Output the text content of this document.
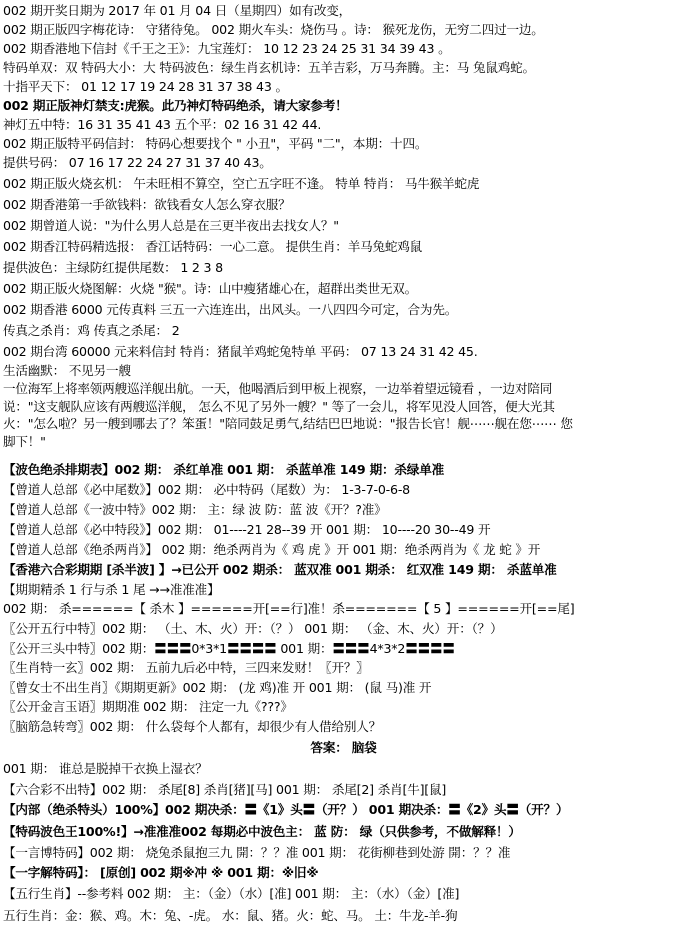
002 期开奖日期为 2017 年 01 月 04 日（星期四）如有改变，
002 期正版四字梅花诗： 守猪待兔。 002 期火车头：烧伤马 。诗： 猴死龙伤，无穷二四过一边。
002 期香港地下信封《千王之王》：九宝莲灯： 10 12 23 24 25 31 34 39 43 。
特码单双：双 特码大小：大 特码波色：绿生肖玄机诗：五羊吉彩，万马奔腾。主：马 兔鼠鸡蛇。
十指平天下： 01 12 17 19 24 28 31 37 38 43 。
002 期正版神灯禁支:虎猴。此乃神灯特码绝杀，请大家参考！
神灯五中特：16 31 35 41 43 五个平：02 16 31 42 44.
002 期正版特平码信封： 特码心想要找个 " 小丑"，平码 "二"，本期：十四。
提供号码： 07 16 17 22 24 27 31 37 40 43。
002 期正版火烧玄机： 午未旺相不算空，空亡五字旺不逢。 特单 特肖： 马牛猴羊蛇虎
002 期香港第一手欲钱料：欲钱看女人怎么穿衣服？
002 期曾道人说："为什么男人总是在三更半夜出去找女人？"
002 期香江特码精选报： 香江话特码：一心二意。 提供生肖：羊马兔蛇鸡鼠
提供波色：主绿防红提供尾数： 1 2 3 8
002 期正版火烧图解：火烧 "猴"。诗：山中瘦猪雄心在，超群出类世无双。
002 期香港 6000 元传真料 三五一六连连出，出风头。一八四四今可定，合为先。
传真之杀肖：鸡 传真之杀尾： 2
002 期台湾 60000 元来料信封 特肖：猪鼠羊鸡蛇兔特单 平码： 07 13 24 31 42 45.
生活幽默： 不见另一艘
一位海军上将率领两艘巡洋舰出航。一天，他喝酒后到甲板上视察，一边举着望远镜看 ，一边对陪同
说："这支舰队应该有两艘巡洋舰， 怎么不见了另外一艘？" 等了一会儿，将军见没人回答，便大光其
火："怎么啦？另一艘到哪去了？笨蛋！"陪同鼓足勇气,结结巴巴地说："报告长官！舰⋯⋯舰在您⋯⋯ 您
脚下！"
【波色绝杀排期表】002 期： 杀红单准 001 期： 杀蓝单准 149 期：杀绿单准
【曾道人总部《必中尾数》】002 期： 必中特码（尾数）为： 1-3-7-0-6-8
【曾道人总部《一波中特》002 期： 主：绿 波 防：蓝 波《开？?准》
【曾道人总部《必中特段》】002 期： 01----21 28--39 开 001 期： 10----20 30--49 开
【曾道人总部《绝杀两肖》】 002 期：绝杀两肖为《 鸡 虎 》开 001 期：绝杀两肖为《 龙 蛇 》开
【香港六合彩期期 [杀半波] 】→已公开 002 期杀： 蓝双准 001 期杀： 红双准 149 期： 杀蓝单准
【期期精杀 1 行与杀 1 尾 →→准准准】
002 期： 杀======【 杀木 】======开[==行]准！杀=======【 5 】======开[==尾]
〖公开五行中特〗002 期： （土、木、火）开：（？） 001 期： （金、木、火）开：（？）
〖公开三头中特〗002 期：〓〓〓0*3*1〓〓〓〓 001 期：〓〓〓4*3*2〓〓〓〓
〖生肖特一玄〗002 期： 五前九后必中特，三四来发财！〖开？〗
〖曾女士不出生肖〗《期期更新》002 期： (龙 鸡)准 开 001 期： (鼠 马)准 开
〖公开金言玉语〗期期准 002 期： 注定一九《???》
〖脑筋急转弯〗002 期： 什么袋每个人都有，却很少有人借给别人？
答案： 脑袋
001 期： 谁总是脱掉干衣换上湿衣？
【六合彩不出特】002 期： 杀尾[8] 杀肖[猪][马] 001 期： 杀尾[2] 杀肖[牛][鼠]
【内部（绝杀特头）100%】002 期决杀：〓《1》头〓（开？） 001 期决杀：〓《2》头〓（开？）
【特码波色王100%!】→准准准002 每期必中波色主： 蓝 防： 绿（只供参考，不做解释！）
【一言博特码】002 期： 烧兔杀鼠抱三九 開：？？准 001 期： 花街柳巷到处游 開：？？准
【一字解特码】： [原创] 002 期※冲 ※ 001 期：※旧※
【五行生肖】--参考料 002 期： 主：（金）（水）[准] 001 期： 主：（水）（金）[准]
五行生肖：金：猴、鸡。木：兔、-虎。 水：鼠、猪。火：蛇、马。 土：牛龙-羊-狗
